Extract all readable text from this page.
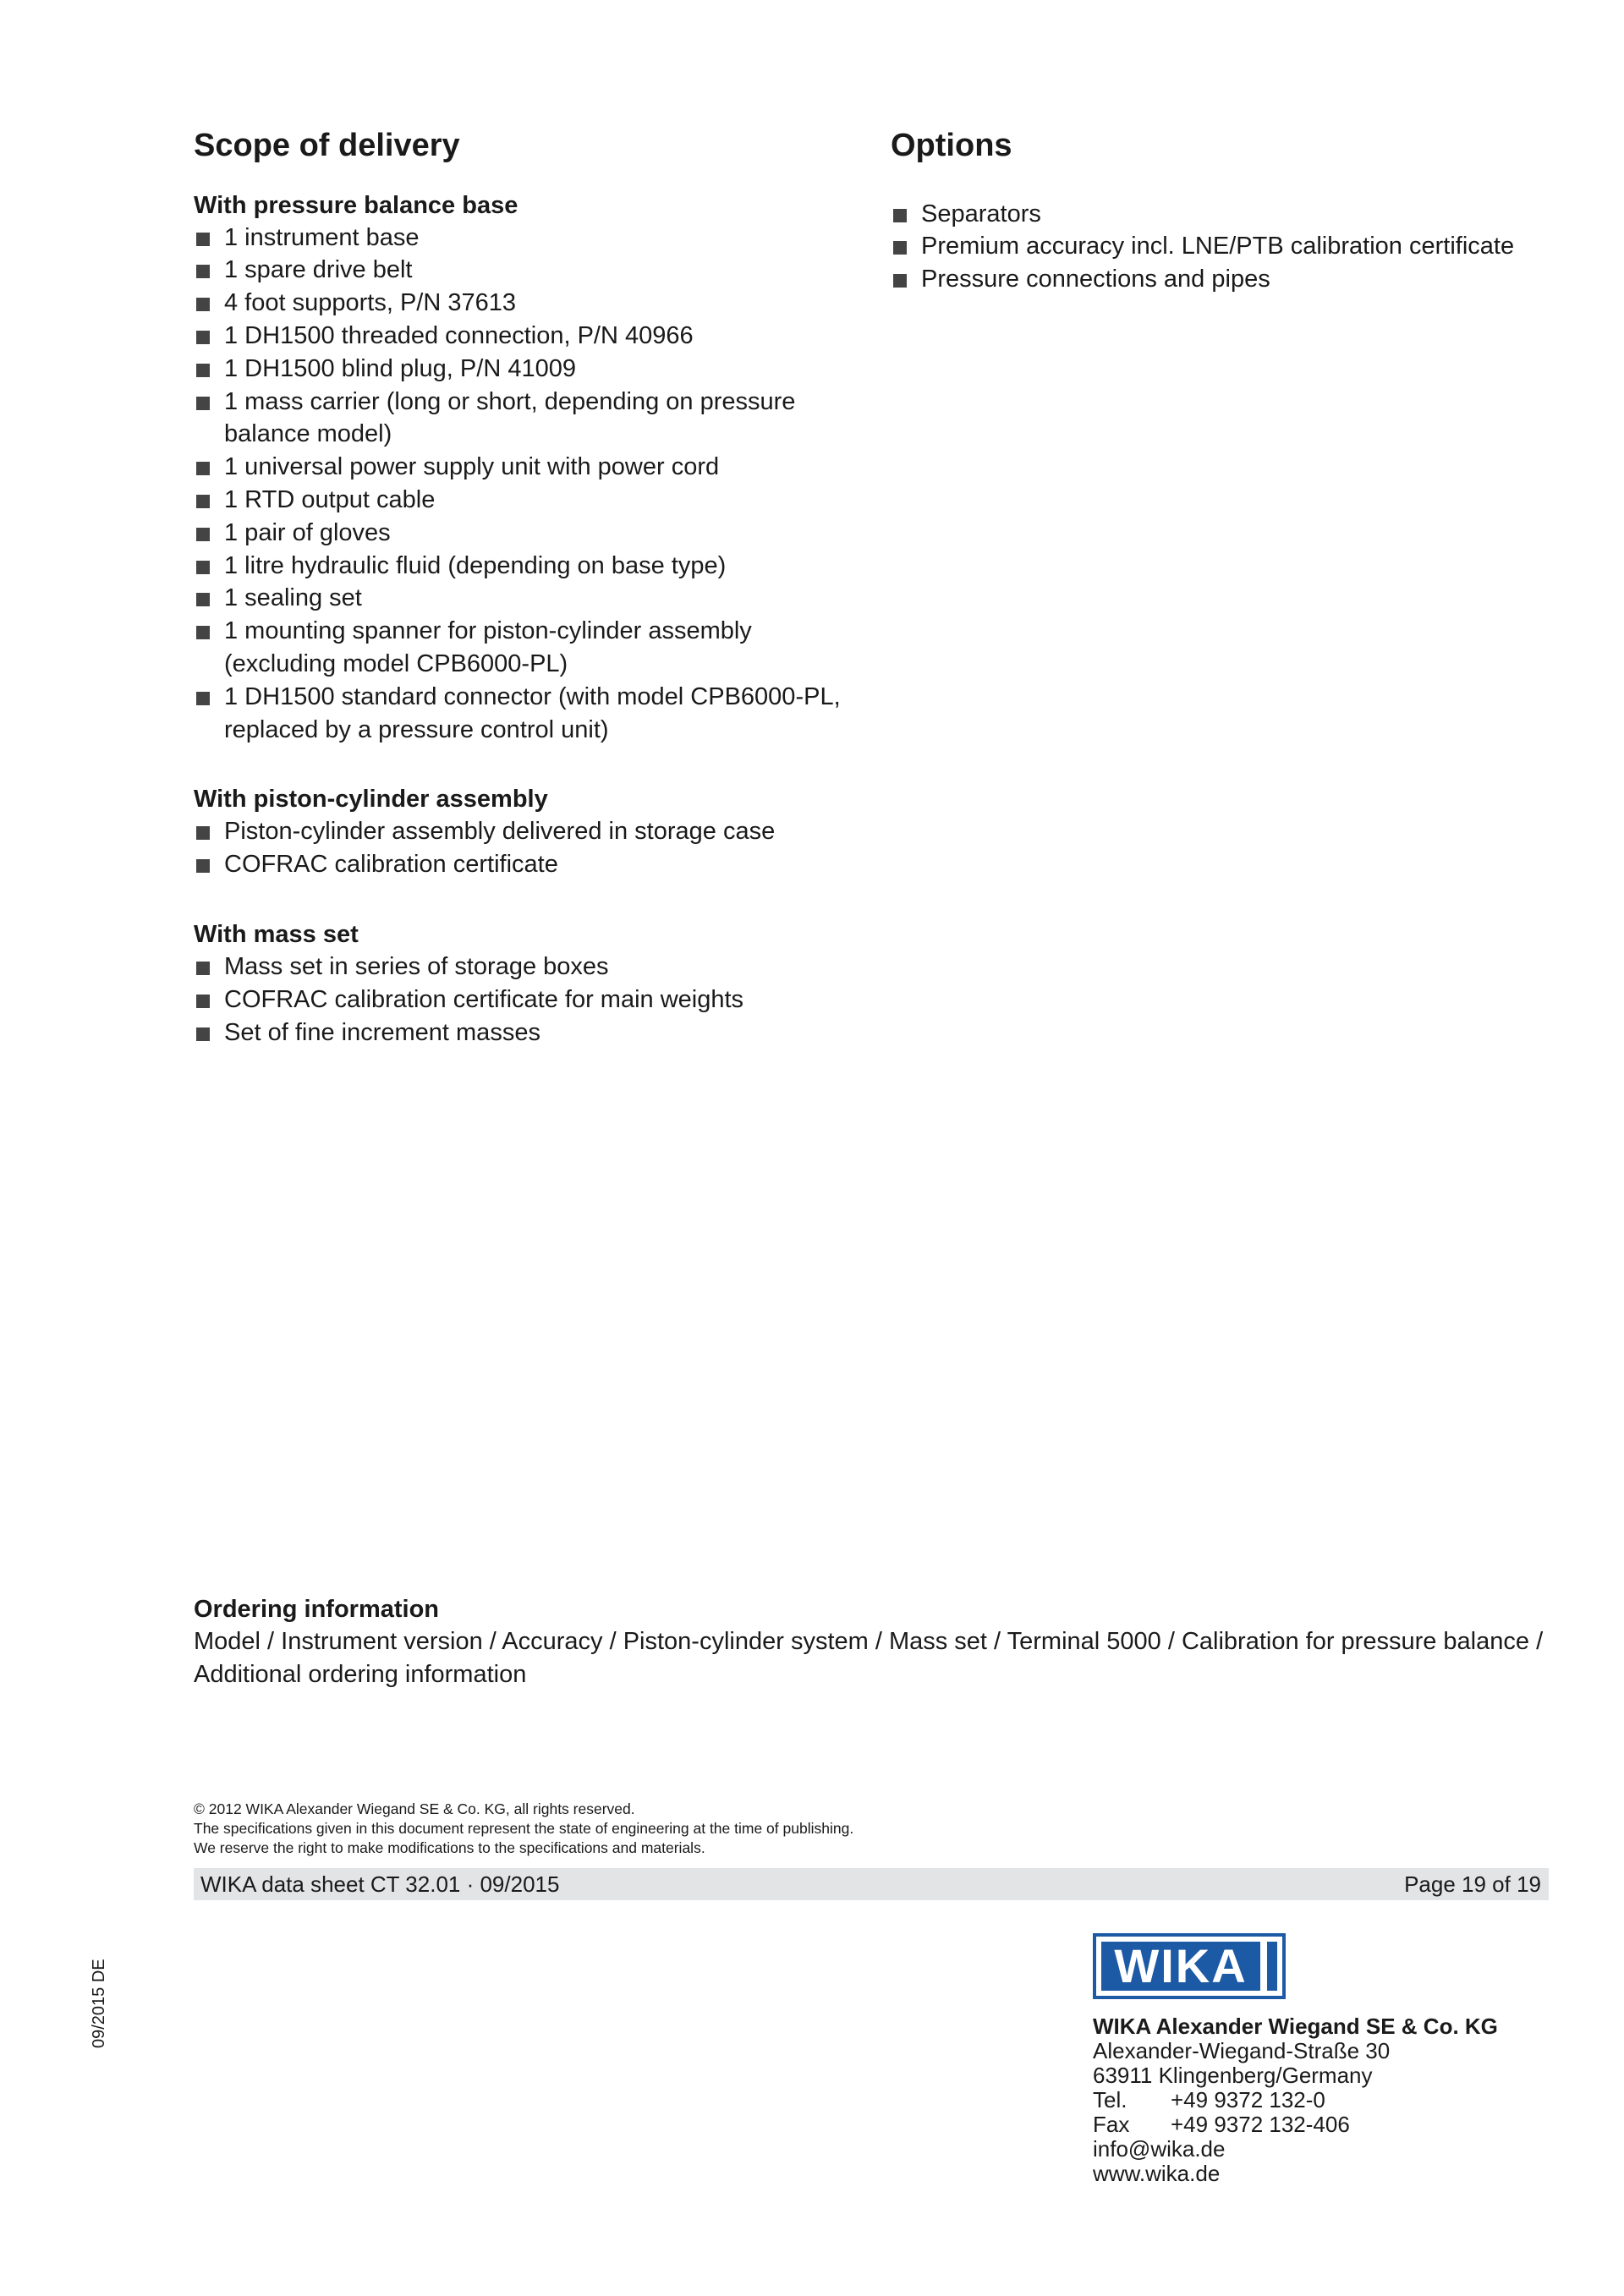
Scope of delivery
With pressure balance base
1 instrument base
1 spare drive belt
4 foot supports, P/N 37613
1 DH1500 threaded connection, P/N 40966
1 DH1500 blind plug, P/N 41009
1 mass carrier (long or short, depending on pressure balance model)
1 universal power supply unit with power cord
1 RTD output cable
1 pair of gloves
1 litre hydraulic fluid (depending on base type)
1 sealing set
1 mounting spanner for piston-cylinder assembly (excluding model CPB6000-PL)
1 DH1500 standard connector (with model CPB6000-PL, replaced by a pressure control unit)
With piston-cylinder assembly
Piston-cylinder assembly delivered in storage case
COFRAC calibration certificate
With mass set
Mass set in series of storage boxes
COFRAC calibration certificate for main weights
Set of fine increment masses
Options
Separators
Premium accuracy incl. LNE/PTB calibration certificate
Pressure connections and pipes
Ordering information

Model / Instrument version / Accuracy / Piston-cylinder system / Mass set / Terminal 5000 / Calibration for pressure balance / Additional ordering information

© 2012 WIKA Alexander Wiegand SE & Co. KG, all rights reserved.
The specifications given in this document represent the state of engineering at the time of publishing.
We reserve the right to make modifications to the specifications and materials.
WIKA data sheet CT 32.01 · 09/2015	Page 19 of 19
09/2015 DE	WIKA
WIKA Alexander Wiegand SE & Co. KG
Alexander-Wiegand-Straße 30
63911 Klingenberg/Germany
Tel. +49 9372 132-0
Fax +49 9372 132-406
info@wika.de
www.wika.de
